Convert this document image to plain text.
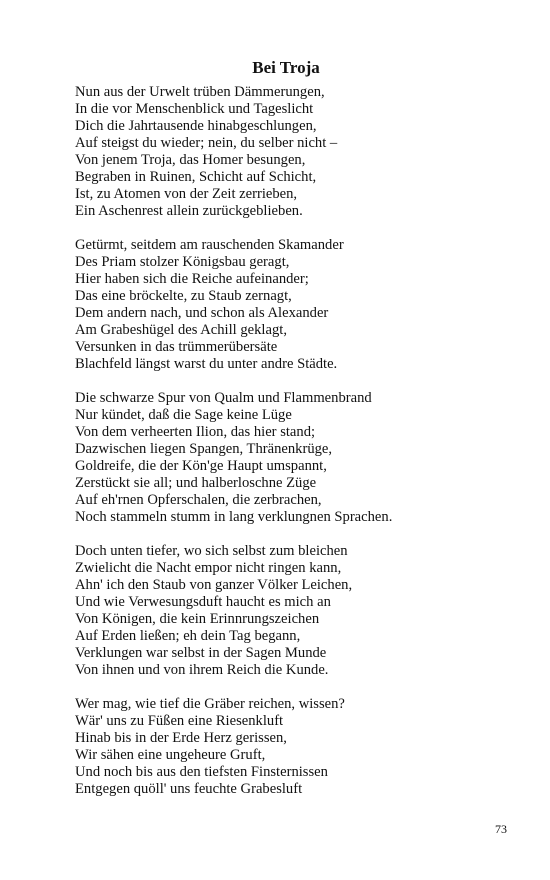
Bei Troja
Nun aus der Urwelt trüben Dämmerungen,
In die vor Menschenblick und Tageslicht
Dich die Jahrtausende hinabgeschlungen,
Auf steigst du wieder; nein, du selber nicht –
Von jenem Troja, das Homer besungen,
Begraben in Ruinen, Schicht auf Schicht,
Ist, zu Atomen von der Zeit zerrieben,
Ein Aschenrest allein zurückgeblieben.
Getürmt, seitdem am rauschenden Skamander
Des Priam stolzer Königsbau geragt,
Hier haben sich die Reiche aufeinander;
Das eine bröckelte, zu Staub zernagt,
Dem andern nach, und schon als Alexander
Am Grabeshügel des Achill geklagt,
Versunken in das trümmerübersäte
Blachfeld längst warst du unter andre Städte.
Die schwarze Spur von Qualm und Flammenbrand
Nur kündet, daß die Sage keine Lüge
Von dem verheerten Ilion, das hier stand;
Dazwischen liegen Spangen, Thränenkrüge,
Goldreife, die der Kön'ge Haupt umspannt,
Zerstückt sie all; und halberloschne Züge
Auf eh'rnen Opferschalen, die zerbrachen,
Noch stammeln stumm in lang verklungnen Sprachen.
Doch unten tiefer, wo sich selbst zum bleichen
Zwielicht die Nacht empor nicht ringen kann,
Ahn' ich den Staub von ganzer Völker Leichen,
Und wie Verwesungsduft haucht es mich an
Von Königen, die kein Erinnrungszeichen
Auf Erden ließen; eh dein Tag begann,
Verklungen war selbst in der Sagen Munde
Von ihnen und von ihrem Reich die Kunde.
Wer mag, wie tief die Gräber reichen, wissen?
Wär' uns zu Füßen eine Riesenkluft
Hinab bis in der Erde Herz gerissen,
Wir sähen eine ungeheure Gruft,
Und noch bis aus den tiefsten Finsternissen
Entgegen quöll' uns feuchte Grabesluft
73
